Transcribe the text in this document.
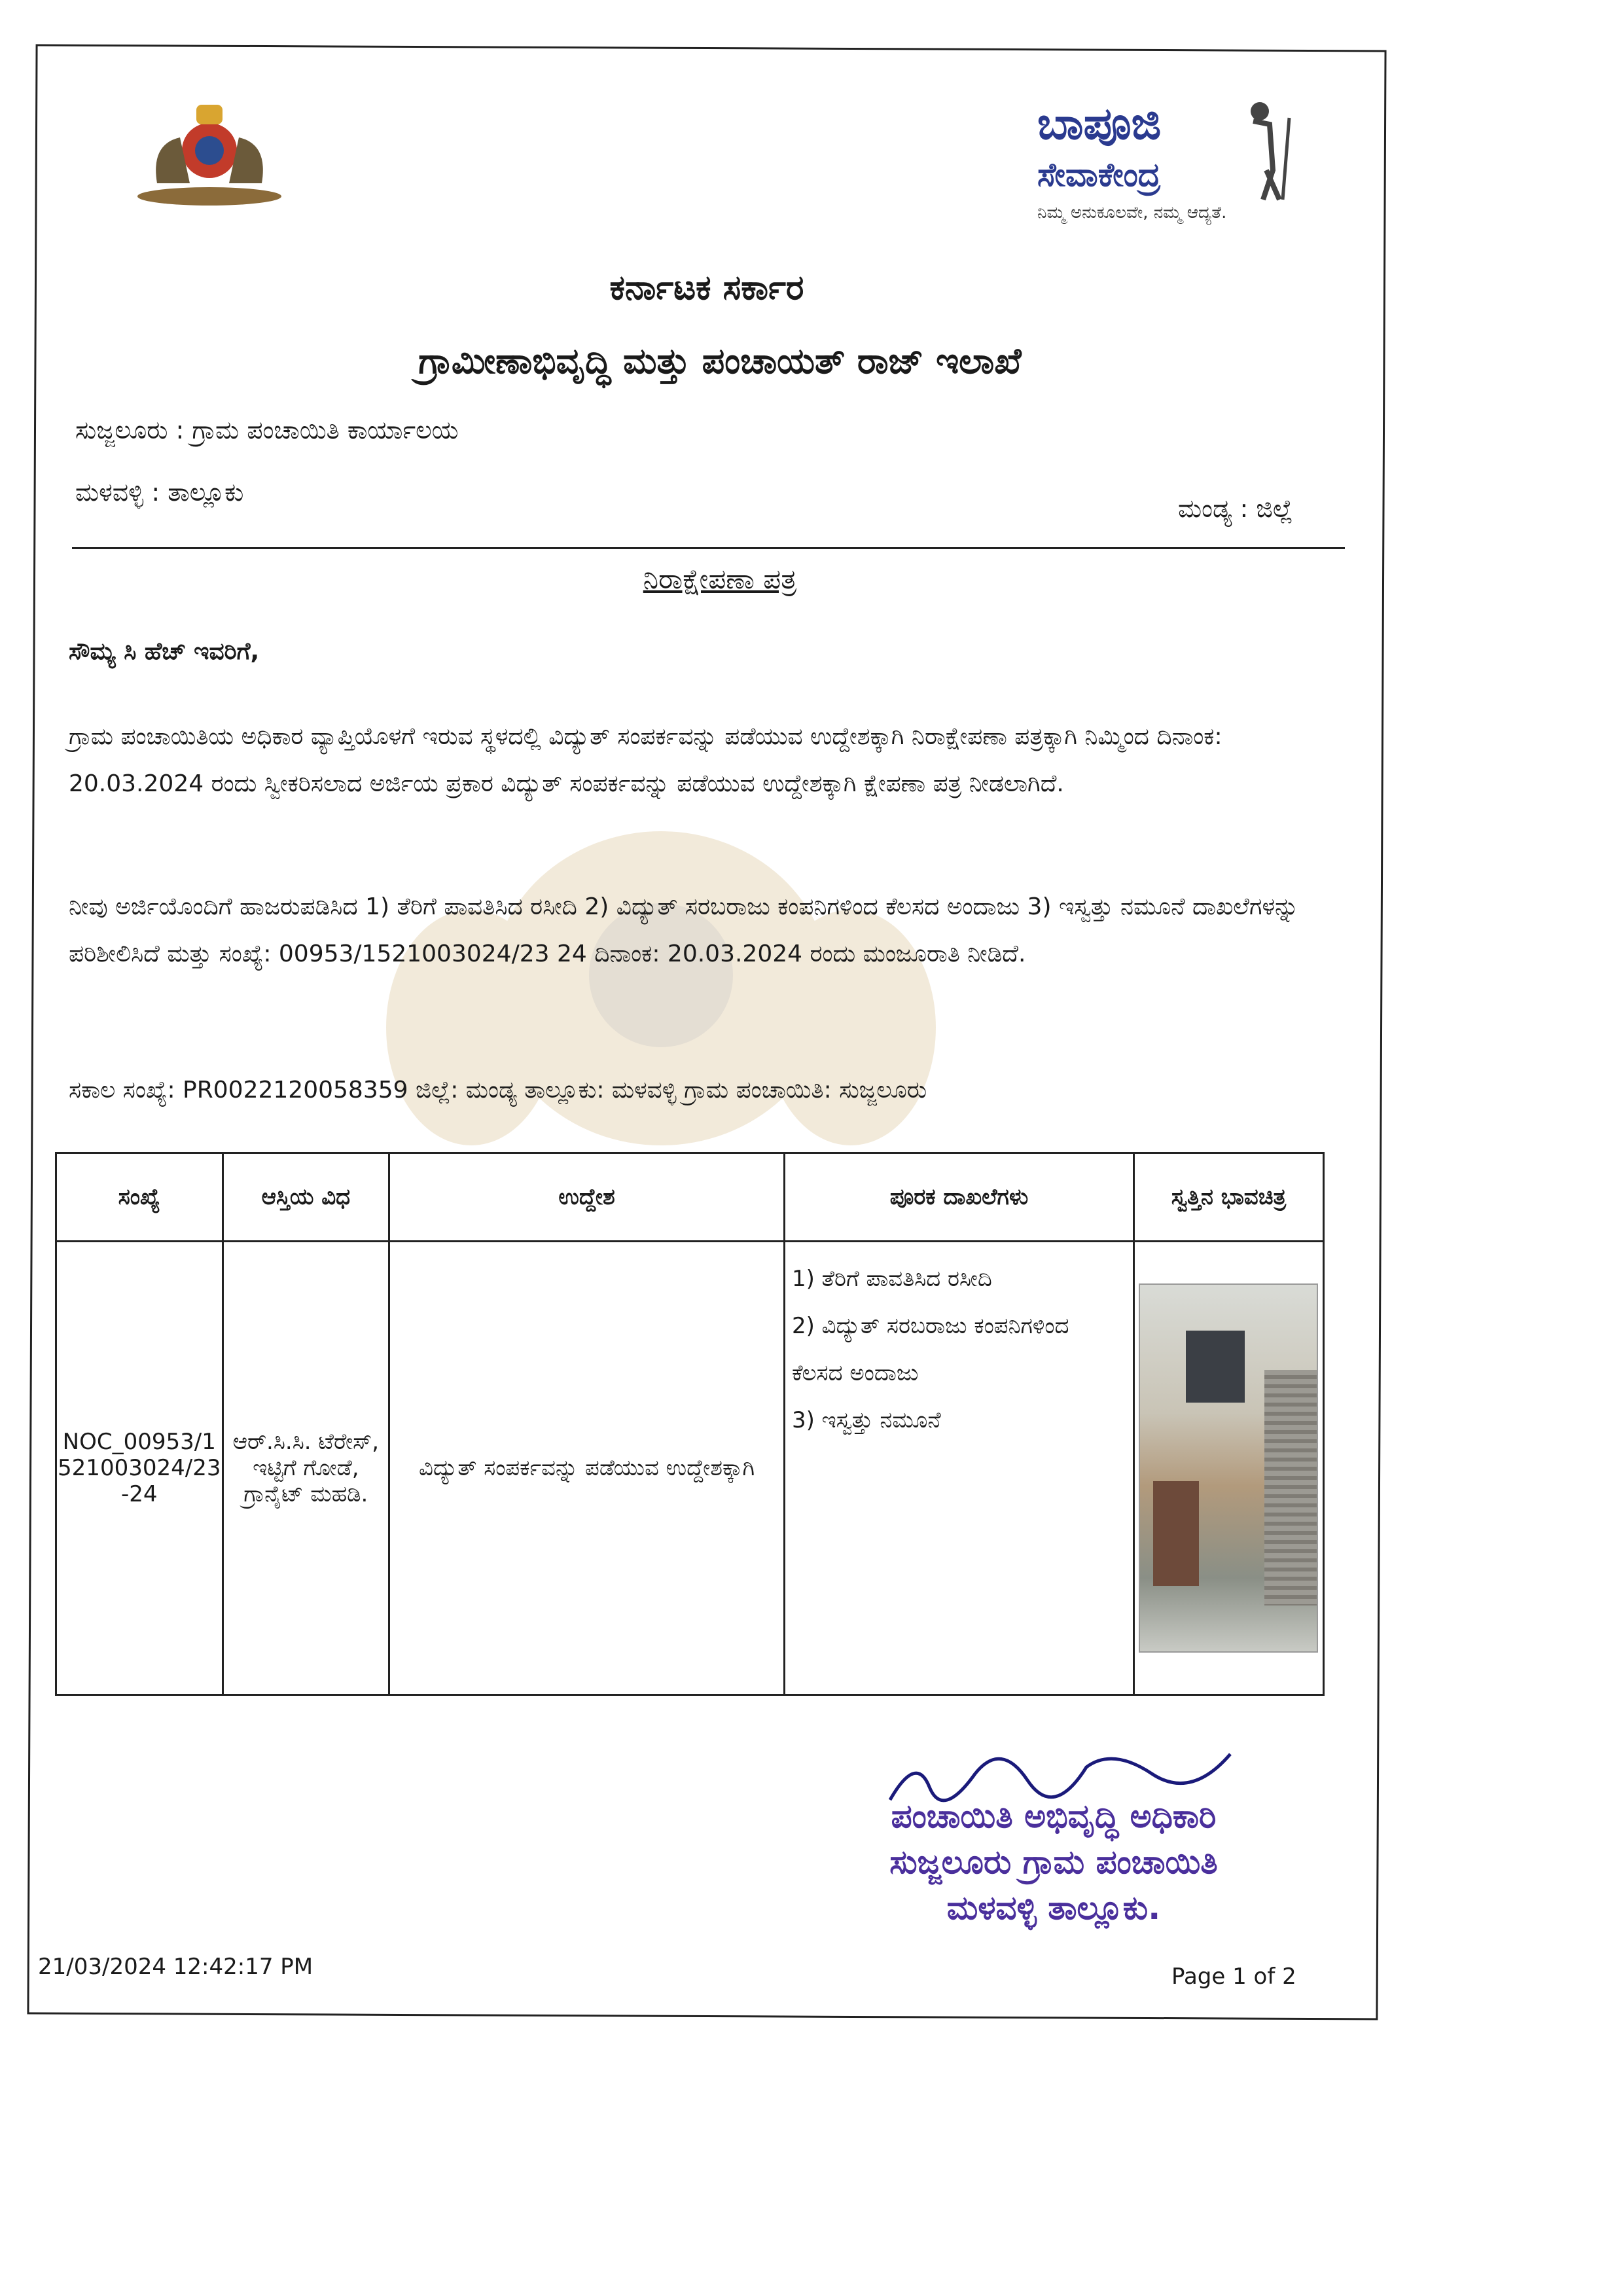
ಬಾಪೂಜಿ
ಸೇವಾಕೇಂದ್ರ
ನಿಮ್ಮ ಅನುಕೂಲವೇ, ನಮ್ಮ ಆದ್ಯತೆ.
ಕರ್ನಾಟಕ ಸರ್ಕಾರ
ಗ್ರಾಮೀಣಾಭಿವೃದ್ಧಿ ಮತ್ತು ಪಂಚಾಯತ್ ರಾಜ್ ಇಲಾಖೆ
ಸುಜ್ಜಲೂರು : ಗ್ರಾಮ ಪಂಚಾಯಿತಿ ಕಾರ್ಯಾಲಯ
ಮಳವಳ್ಳಿ : ತಾಲ್ಲೂಕು
ಮಂಡ್ಯ : ಜಿಲ್ಲೆ
ನಿರಾಕ್ಷೇಪಣಾ ಪತ್ರ
ಸೌಮ್ಯ ಸಿ ಹೆಚ್ ಇವರಿಗೆ,
ಗ್ರಾಮ ಪಂಚಾಯಿತಿಯ ಅಧಿಕಾರ ವ್ಯಾಪ್ತಿಯೊಳಗೆ ಇರುವ ಸ್ಥಳದಲ್ಲಿ ವಿದ್ಯುತ್ ಸಂಪರ್ಕವನ್ನು ಪಡೆಯುವ ಉದ್ದೇಶಕ್ಕಾಗಿ ನಿರಾಕ್ಷೇಪಣಾ ಪತ್ರಕ್ಕಾಗಿ ನಿಮ್ಮಿಂದ ದಿನಾಂಕ: 20.03.2024 ರಂದು ಸ್ವೀಕರಿಸಲಾದ ಅರ್ಜಿಯ ಪ್ರಕಾರ ವಿದ್ಯುತ್ ಸಂಪರ್ಕವನ್ನು ಪಡೆಯುವ ಉದ್ದೇಶಕ್ಕಾಗಿ ಕ್ಷೇಪಣಾ ಪತ್ರ ನೀಡಲಾಗಿದೆ.
ನೀವು ಅರ್ಜಿಯೊಂದಿಗೆ ಹಾಜರುಪಡಿಸಿದ 1) ತೆರಿಗೆ ಪಾವತಿಸಿದ ರಸೀದಿ 2) ವಿದ್ಯುತ್ ಸರಬರಾಜು ಕಂಪನಿಗಳಿಂದ ಕೆಲಸದ ಅಂದಾಜು 3) ಇಸ್ವತ್ತು ನಮೂನೆ ದಾಖಲೆಗಳನ್ನು ಪರಿಶೀಲಿಸಿದೆ ಮತ್ತು ಸಂಖ್ಯೆ: 00953/1521003024/23 24 ದಿನಾಂಕ: 20.03.2024 ರಂದು ಮಂಜೂರಾತಿ ನೀಡಿದೆ.
ಸಕಾಲ ಸಂಖ್ಯೆ: PR0022120058359 ಜಿಲ್ಲೆ: ಮಂಡ್ಯ ತಾಲ್ಲೂಕು: ಮಳವಳ್ಳಿ ಗ್ರಾಮ ಪಂಚಾಯಿತಿ: ಸುಜ್ಜಲೂರು
ಸಂಖ್ಯೆ	ಆಸ್ತಿಯ ವಿಧ	ಉದ್ದೇಶ	ಪೂರಕ ದಾಖಲೆಗಳು	ಸ್ವತ್ತಿನ ಭಾವಚಿತ್ರ
NOC_00953/1521003024/23-24	ಆರ್.ಸಿ.ಸಿ. ಟೆರೇಸ್, ಇಟ್ಟಿಗೆ ಗೋಡೆ, ಗ್ರಾನೈಟ್ ಮಹಡಿ.	ವಿದ್ಯುತ್ ಸಂಪರ್ಕವನ್ನು ಪಡೆಯುವ ಉದ್ದೇಶಕ್ಕಾಗಿ	1) ತೆರಿಗೆ ಪಾವತಿಸಿದ ರಸೀದಿ
2) ವಿದ್ಯುತ್ ಸರಬರಾಜು ಕಂಪನಿಗಳಿಂದ ಕೆಲಸದ ಅಂದಾಜು
3) ಇಸ್ವತ್ತು ನಮೂನೆ	

ಪಂಚಾಯಿತಿ ಅಭಿವೃದ್ಧಿ ಅಧಿಕಾರಿ
ಸುಜ್ಜಲೂರು ಗ್ರಾಮ ಪಂಚಾಯಿತಿ
ಮಳವಳ್ಳಿ ತಾಲ್ಲೂಕು.
21/03/2024 12:42:17 PM	Page 1 of 2
